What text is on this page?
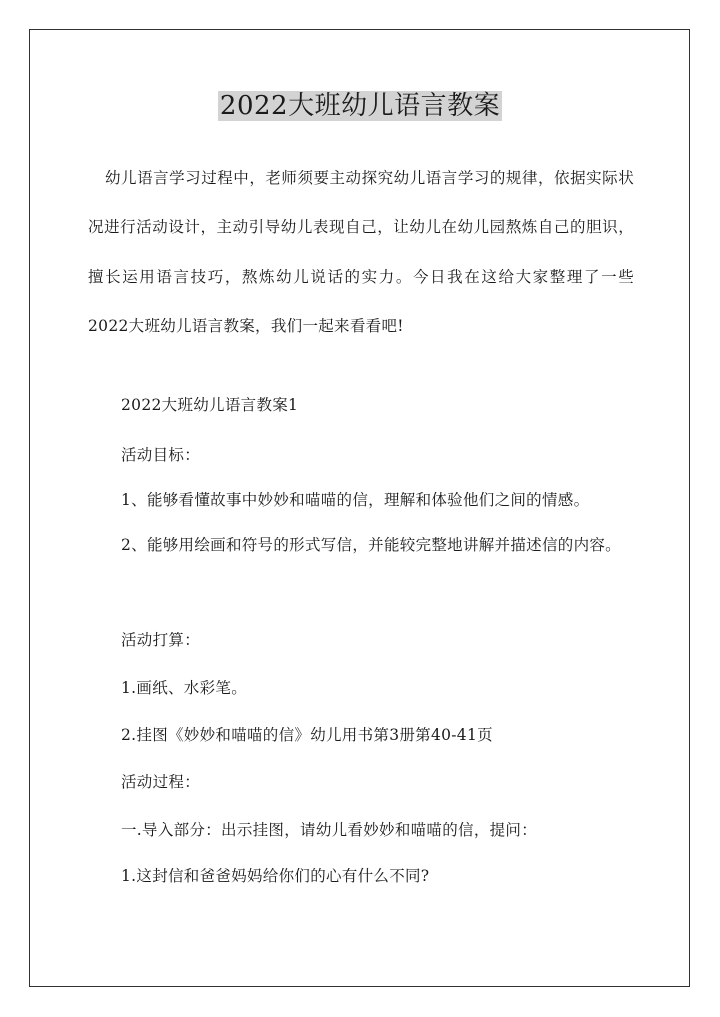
2022大班幼儿语言教案
幼儿语言学习过程中，老师须要主动探究幼儿语言学习的规律，依据实际状况进行活动设计，主动引导幼儿表现自己，让幼儿在幼儿园熬炼自己的胆识，擅长运用语言技巧，熬炼幼儿说话的实力。今日我在这给大家整理了一些2022大班幼儿语言教案，我们一起来看看吧!
2022大班幼儿语言教案1
活动目标：
1、能够看懂故事中妙妙和喵喵的信，理解和体验他们之间的情感。
2、能够用绘画和符号的形式写信，并能较完整地讲解并描述信的内容。
活动打算：
1.画纸、水彩笔。
2.挂图《妙妙和喵喵的信》幼儿用书第3册第40-41页
活动过程：
一.导入部分：出示挂图，请幼儿看妙妙和喵喵的信，提问：
1.这封信和爸爸妈妈给你们的心有什么不同?
